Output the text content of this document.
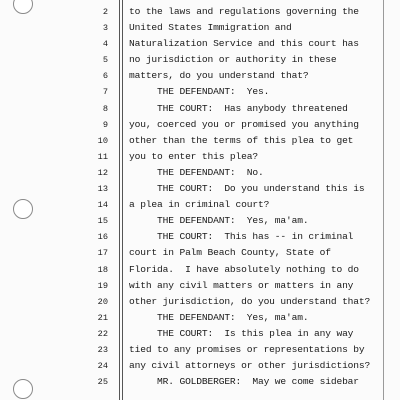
2 to the laws and regulations governing the
3 United States Immigration and
4 Naturalization Service and this court has
5 no jurisdiction or authority in these
6 matters, do you understand that?
7 THE DEFENDANT:  Yes.
8 THE COURT:  Has anybody threatened
9 you, coerced you or promised you anything
10 other than the terms of this plea to get
11 you to enter this plea?
12 THE DEFENDANT:  No.
13 THE COURT:  Do you understand this is
14 a plea in criminal court?
15 THE DEFENDANT:  Yes, ma'am.
16 THE COURT:  This has -- in criminal
17 court in Palm Beach County, State of
18 Florida.  I have absolutely nothing to do
19 with any civil matters or matters in any
20 other jurisdiction, do you understand that?
21 THE DEFENDANT:  Yes, ma'am.
22 THE COURT:  Is this plea in any way
23 tied to any promises or representations by
24 any civil attorneys or other jurisdictions?
25 MR. GOLDBERGER:  May we come sidebar
